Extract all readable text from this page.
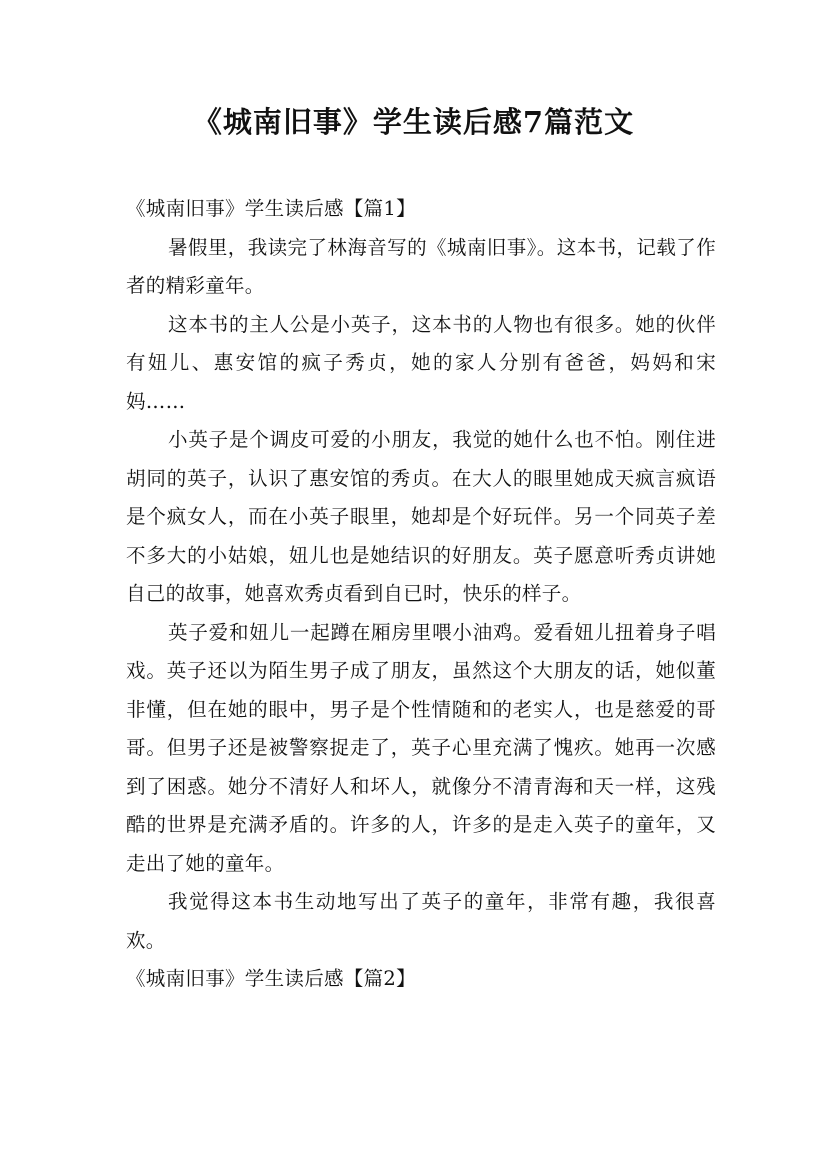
《城南旧事》学生读后感7篇范文

《城南旧事》学生读后感【篇1】

暑假里，我读完了林海音写的《城南旧事》。这本书，记载了作者的精彩童年。

这本书的主人公是小英子，这本书的人物也有很多。她的伙伴有妞儿、惠安馆的疯子秀贞，她的家人分别有爸爸，妈妈和宋妈……

小英子是个调皮可爱的小朋友，我觉的她什么也不怕。刚住进胡同的英子，认识了惠安馆的秀贞。在大人的眼里她成天疯言疯语是个疯女人，而在小英子眼里，她却是个好玩伴。另一个同英子差不多大的小姑娘，妞儿也是她结识的好朋友。英子愿意听秀贞讲她自己的故事，她喜欢秀贞看到自已时，快乐的样子。

英子爱和妞儿一起蹲在厢房里喂小油鸡。爱看妞儿扭着身子唱戏。英子还以为陌生男子成了朋友，虽然这个大朋友的话，她似董非懂，但在她的眼中，男子是个性情随和的老实人，也是慈爱的哥哥。但男子还是被警察捉走了，英子心里充满了愧疚。她再一次感到了困惑。她分不清好人和坏人，就像分不清青海和天一样，这残酷的世界是充满矛盾的。许多的人，许多的是走入英子的童年，又走出了她的童年。

我觉得这本书生动地写出了英子的童年，非常有趣，我很喜欢。

《城南旧事》学生读后感【篇2】
